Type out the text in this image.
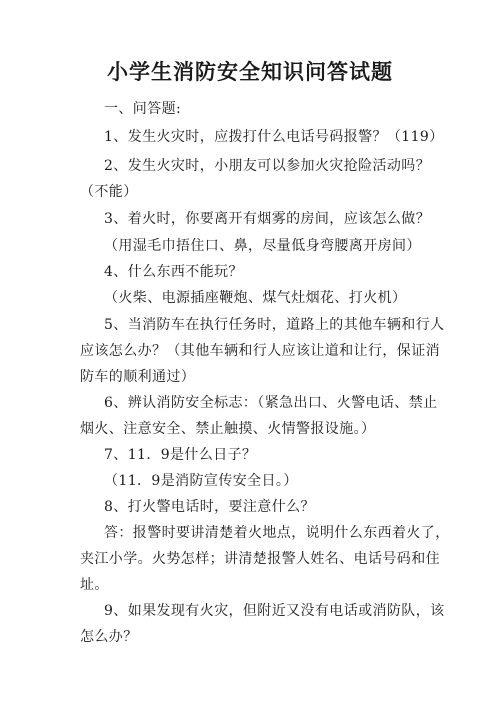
小学生消防安全知识问答试题
一、问答题:
1、发生火灾时，应拨打什么电话号码报警？（119）
2、发生火灾时，小朋友可以参加火灾抢险活动吗？
（不能）
3、着火时，你要离开有烟雾的房间，应该怎么做？
（用湿毛巾捂住口、鼻，尽量低身弯腰离开房间）
4、什么东西不能玩？
（火柴、电源插座鞭炮、煤气灶烟花、打火机）
5、当消防车在执行任务时，道路上的其他车辆和行人
应该怎么办？（其他车辆和行人应该让道和让行，保证消
防车的顺利通过）
6、辨认消防安全标志：（紧急出口、火警电话、禁止
烟火、注意安全、禁止触摸、火情警报设施。）
7、11．9是什么日子？
（11．9是消防宣传安全日。）
8、打火警电话时，要注意什么？
答：报警时要讲清楚着火地点，说明什么东西着火了，
夹江小学。火势怎样；讲清楚报警人姓名、电话号码和住
址。
9、如果发现有火灾，但附近又没有电话或消防队，该
怎么办？
